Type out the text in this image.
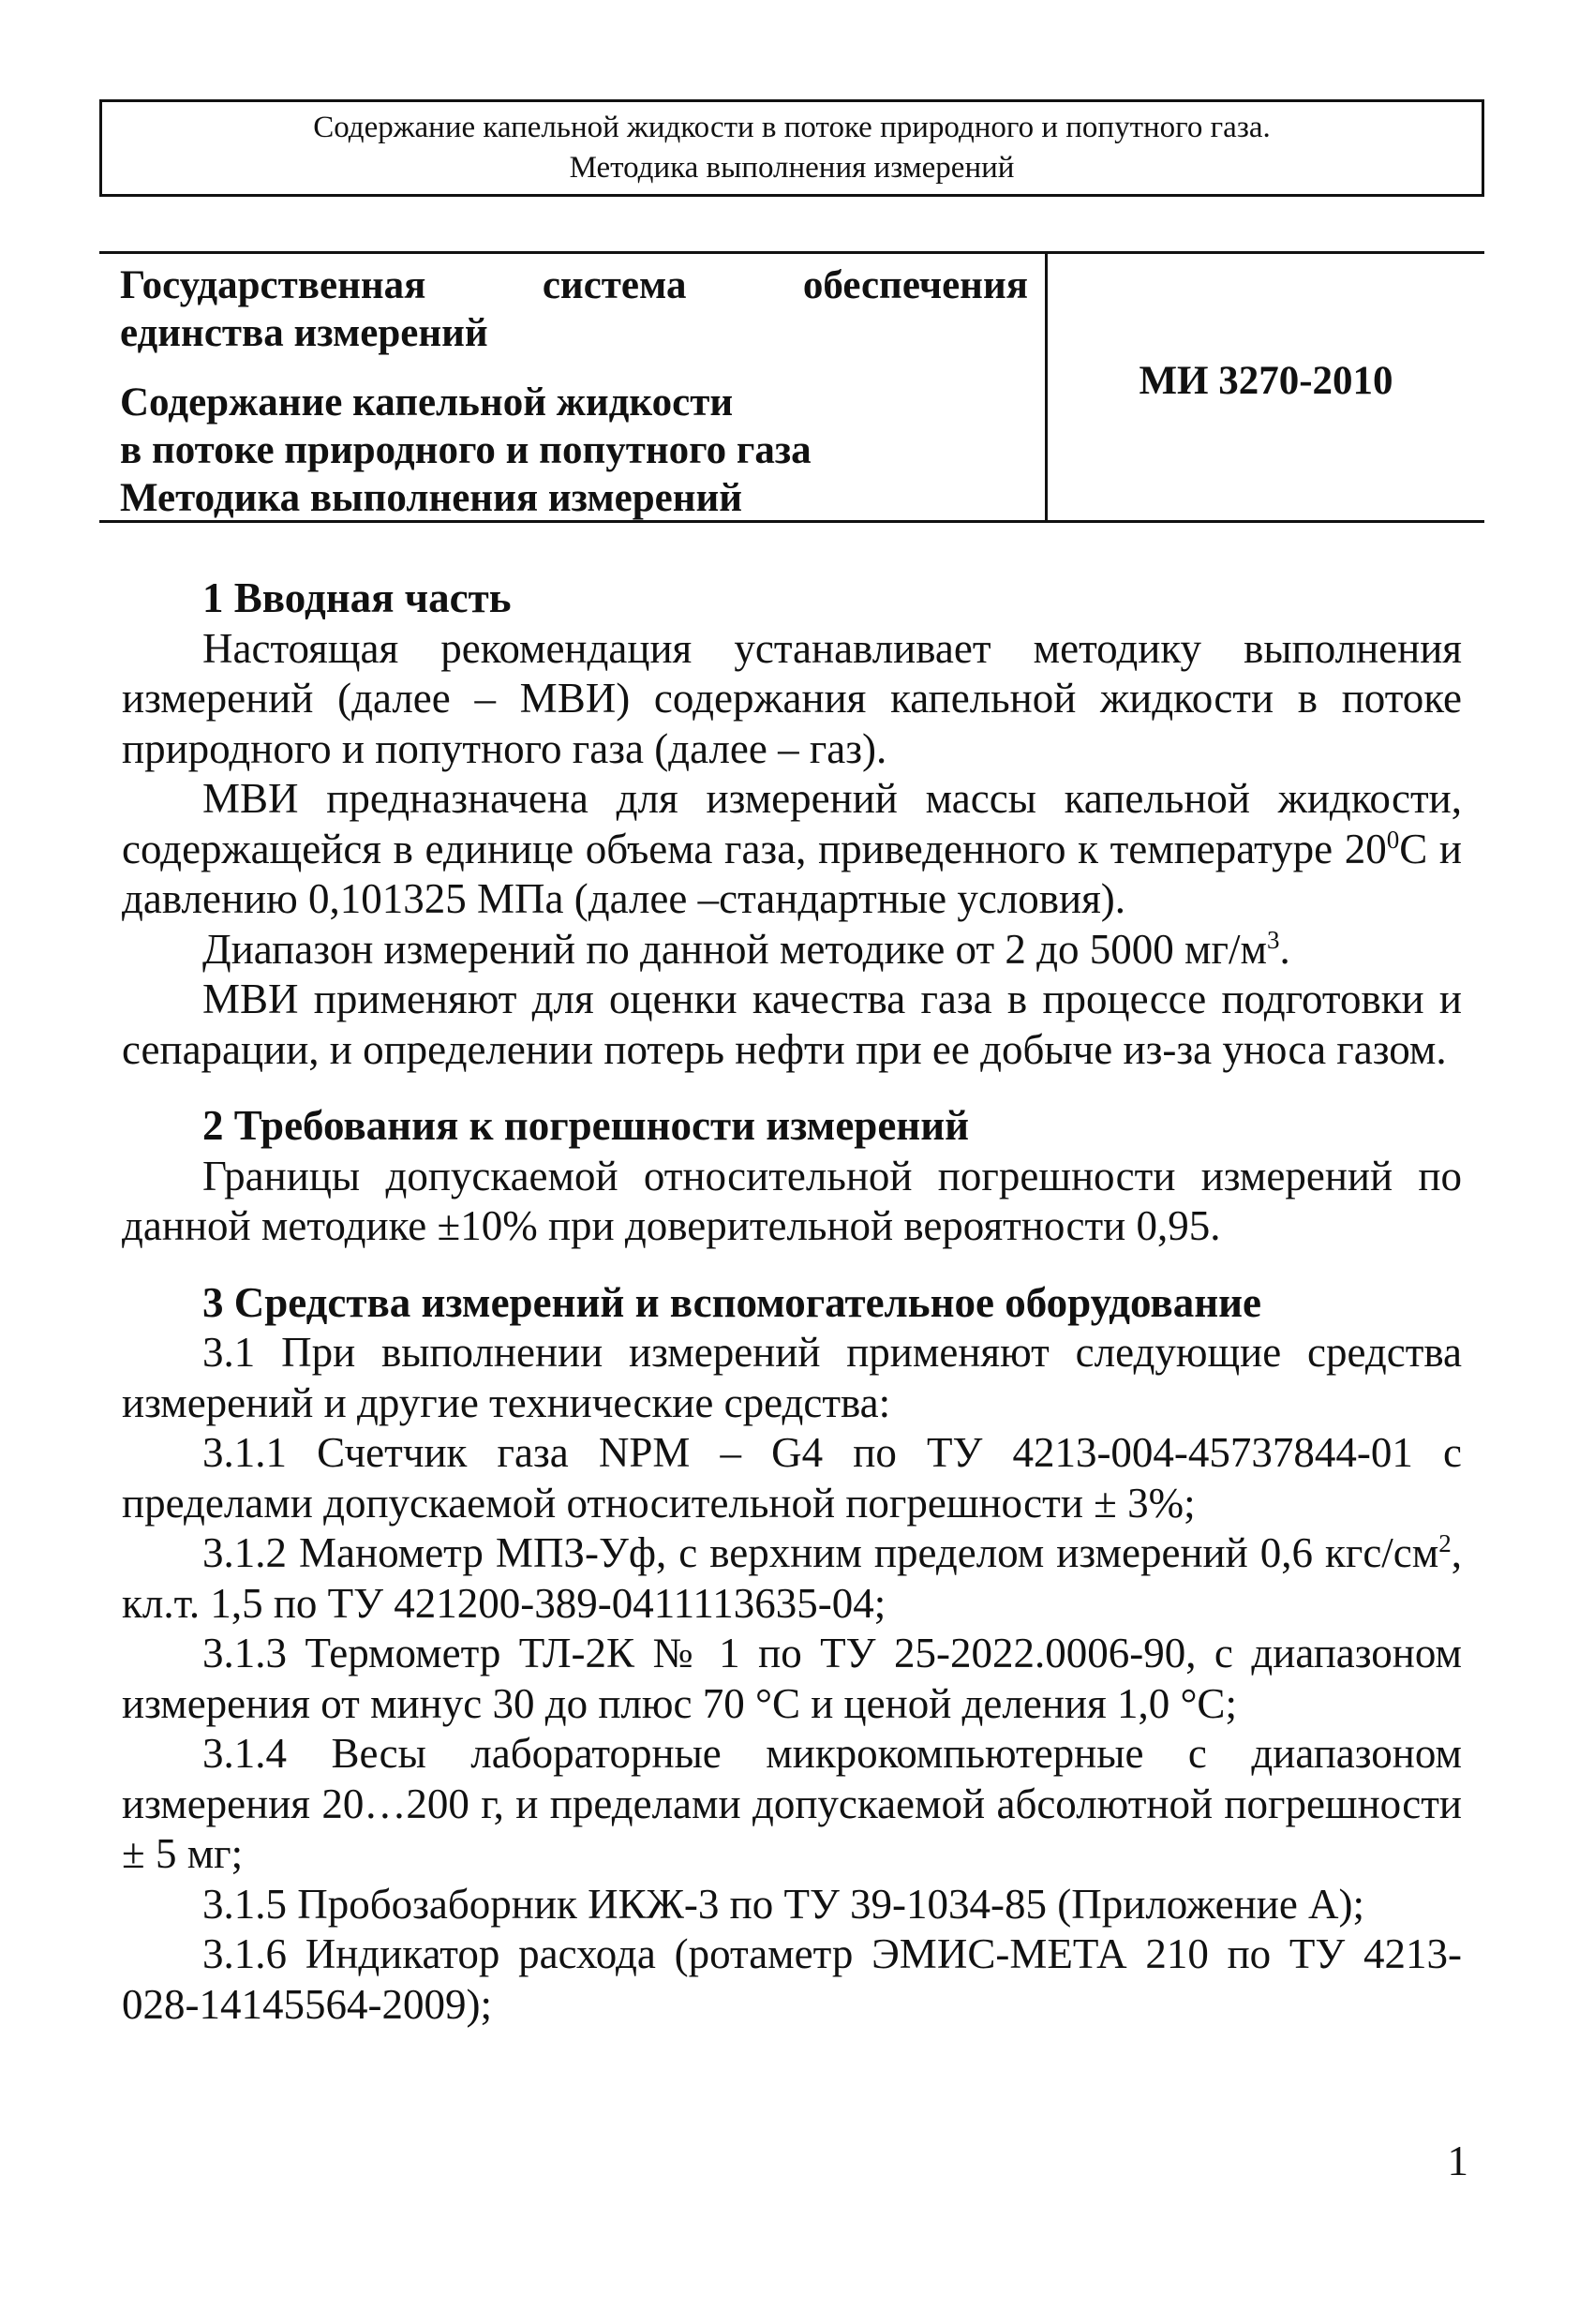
Содержание капельной жидкости в потоке природного и попутного газа.
Методика выполнения измерений
Государственная система обеспечения
единства измерений
Содержание капельной жидкости
в потоке природного и попутного газа
Методика выполнения измерений
МИ 3270-2010
1 Вводная часть

Настоящая рекомендация устанавливает методику выполнения измерений (далее – МВИ) содержания капельной жидкости в потоке природного и попутного газа (далее – газ).

МВИ предназначена для измерений массы капельной жидкости, содержащейся в единице объема газа, приведенного к температуре $20^0С$ и давлению 0,101325 МПа (далее –стандартные условия).

Диапазон измерений по данной методике от 2 до 5000 $мг/м^3$.

МВИ применяют для оценки качества газа в процессе подготовки и сепарации, и определении потерь нефти при ее добыче из-за уноса газом.

2 Требования к погрешности измерений

Границы допускаемой относительной погрешности измерений по данной методике ±10% при доверительной вероятности 0,95.

3 Средства измерений и вспомогательное оборудование

3.1 При выполнении измерений применяют следующие средства измерений и другие технические средства:

3.1.1 Счетчик газа NPM – G4 по ТУ 4213-004-45737844-01 с пределами допускаемой относительной погрешности ± 3%;

3.1.2 Манометр МПЗ-Уф, с верхним пределом измерений 0,6 кгс/$см^2$, кл.т. 1,5 по ТУ 421200-389-0411113635-04;

3.1.3 Термометр ТЛ-2К № 1 по ТУ 25-2022.0006-90, с диапазоном измерения от минус 30 до плюс 70 °С и ценой деления 1,0 °С;

3.1.4 Весы лабораторные микрокомпьютерные с диапазоном измерения 20…200 г, и пределами допускаемой абсолютной погрешности ± 5 мг;

3.1.5 Пробозаборник ИКЖ-3 по ТУ 39-1034-85 (Приложение А);

3.1.6 Индикатор расхода (ротаметр ЭМИС-МЕТА 210 по ТУ 4213-028-14145564-2009);

1
